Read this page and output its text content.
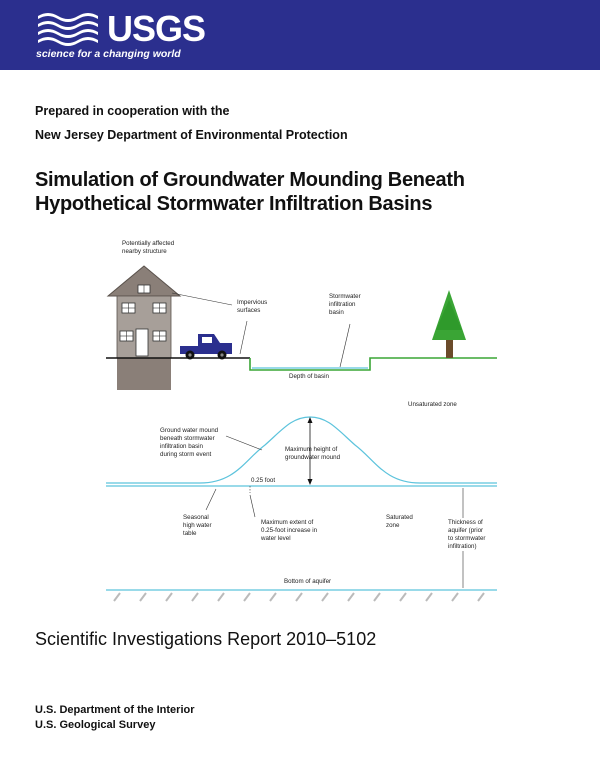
USGS
science for a changing world
Prepared in cooperation with the
New Jersey Department of Environmental Protection
Simulation of Groundwater Mounding Beneath
Hypothetical Stormwater Infiltration Basins
Potentially affected
nearby structure
Impervious
surfaces
Stormwater
infiltration
basin
Depth of basin
Unsaturated zone
Maximum height of
groundwater mound
Ground water mound
beneath stormwater
infiltration basin
during storm event
0.25 foot
Seasonal
high water
table
Maximum extent of
0.25-foot increase in
water level
Saturated
zone	Thickness of
aquifer (prior
to stormwater
infiltration)
Bottom of aquifer
Scientific Investigations Report 2010–5102
U.S. Department of the Interior
U.S. Geological Survey
